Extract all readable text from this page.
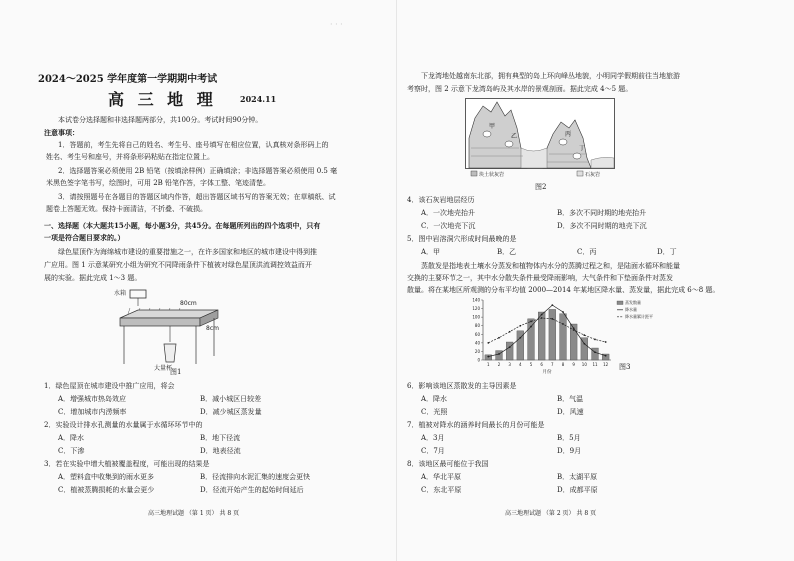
· · ·
2024～2025 学年度第一学期期中考试
高 三 地 理	2024.11
本试卷分选择题和非选择题两部分，共100分。考试时间90分钟。
注意事项：
1．答题前，考生先将自己的姓名、考生号、座号填写在相应位置，认真核对条形码上的
姓名、考生号和座号，并将条形码粘贴在指定位置上。
2．选择题答案必须使用 2B 铅笔（按填涂样例）正确填涂；非选择题答案必须使用 0.5 毫
米黑色签字笔书写，绘图时，可用 2B 铅笔作答，字体工整、笔迹清楚。
3．请按照题号在各题目的答题区域内作答，超出答题区域书写的答案无效；在草稿纸、试
题卷上答题无效。保持卡面清洁，不折叠、不破损。
一、选择题（本大题共15小题，每小题3分，共45分。在每题所列出的四个选项中，只有
一项是符合题目要求的。）
绿色屋顶作为海绵城市建设的重要措施之一，在许多国家和地区的城市建设中得到推
广应用。图 1 示意某研究小组为研究不同降雨条件下植被对绿色屋顶洪流调控效益而开
展的实验。据此完成 1～3 题。
大量杯
水箱
80cm
8cm
图1
1．绿色屋顶在城市建设中推广应用，将会
A．增强城市热岛效应	B．减小城区日较差
C．增加城市内涝频率	D．减少城区蒸发量
2．实验设计排水孔测量的水量属于水循环环节中的
A．降水	B．地下径流
C．下渗	D．地表径流
3．若在实验中增大植被覆盖程度，可能出现的结果是
A．塑料盒中收集到的雨水更多	B．径流排向水泥汇集的速度会更快
C．植被蒸腾损耗的水量会更少	D．径流开始产生的起始时间延后
高三地理试题 （第 1 页） 共 8 页
下龙湾地处越南东北部，拥有典型的岛上环向峰丛地貌，小明同学假期前往当地旅游
考察时，图 2 示意下龙湾岛屿及其水岸的景观剖面。据此完成 4～5 题。
甲
乙	丙
丁
块土状灰岩	石灰岩
图2
4．该石灰岩地层经历
A．一次地壳抬升	B．多次不同时期的地壳抬升
C．一次地壳下沉	D．多次不同时期的地壳下沉
5．图中岩溶洞穴形成时间最晚的是
A．甲	B．乙	C．丙	D．丁
蒸散发是指地表土壤水分蒸发和植物体内水分的蒸腾过程之和，是陆面水循环和能量
交换的主要环节之一，其中水分散失条件最受降雨影响，大气条件和下垫面条件对蒸发
散量。将在某地区所观测的分布平均值 2000—2014 年某地区降水量、蒸发量，据此完成 6～8 题。
0
20
40
60
80
100
120
140
1 2 3 4 5 6 7 8 9 10 11 12
月份
蒸发散量
降水量
降水量累计距平
图3
6．影响该地区蒸散发的主导因素是
A．降水	B．气温
C．光照	D．风速
7．植被对降水的涵养时间最长的月份可能是
A．3月	B．5月
C．7月	D．9月
8．该地区最可能位于我国
A．华北平原	B．太湖平原
C．东北平原	D．成都平原
高三地理试题 （第 2 页） 共 8 页
